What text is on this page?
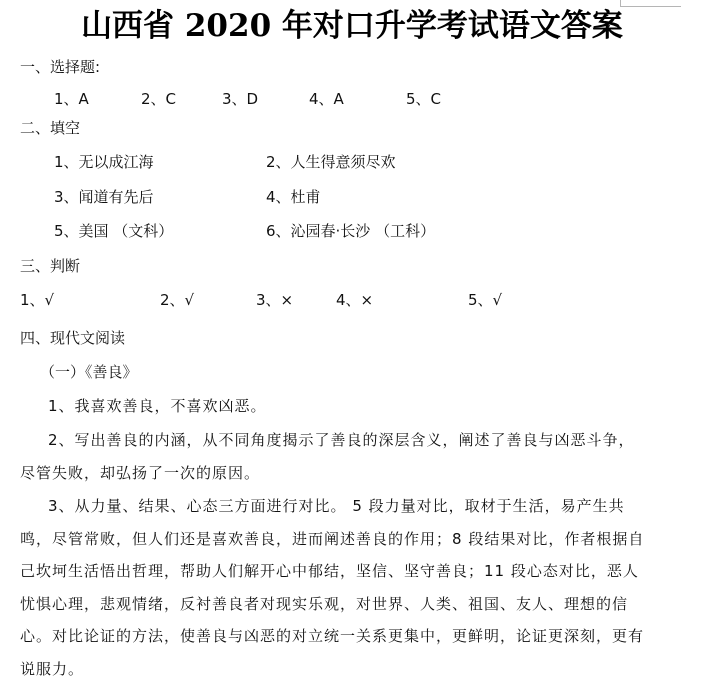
山西省 2020 年对口升学考试语文答案
一、选择题:
1、A	2、C	3、D	4、A	5、C
二、填空
1、无以成江海	2、人生得意须尽欢
3、闻道有先后	4、杜甫
5、美国 （文科）	6、沁园春·长沙 （工科）
三、判断
1、√	2、√	3、×	4、×	5、√
四、现代文阅读
（一）《善良》
1、我喜欢善良，不喜欢凶恶。
2、写出善良的内涵，从不同角度揭示了善良的深层含义，阐述了善良与凶恶斗争，尽管失败，却弘扬了一次的原因。
3、从力量、结果、心态三方面进行对比。 5 段力量对比，取材于生活，易产生共鸣，尽管常败，但人们还是喜欢善良，进而阐述善良的作用；8 段结果对比，作者根据自己坎坷生活悟出哲理，帮助人们解开心中郁结，坚信、坚守善良；11 段心态对比，恶人忧惧心理，悲观情绪，反衬善良者对现实乐观，对世界、人类、祖国、友人、理想的信心。对比论证的方法，使善良与凶恶的对立统一关系更集中，更鲜明，论证更深刻，更有说服力。
